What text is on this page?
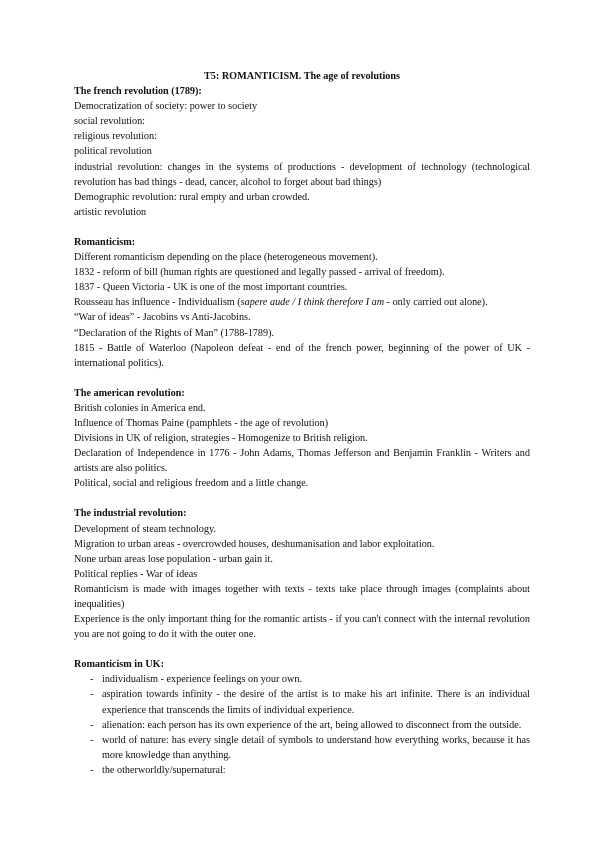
T5: ROMANTICISM. The age of revolutions

The french revolution (1789):

Democratization of society: power to society

social revolution:

religious revolution:

political revolution

industrial revolution: changes in the systems of productions - development of technology (technological revolution has bad things - dead, cancer, alcohol to forget about bad things)

Demographic revolution: rural empty and urban crowded.

artistic revolution

Romanticism:

Different romanticism depending on the place (heterogeneous movement).

1832 - reform of bill (human rights are questioned and legally passed - arrival of freedom).

1837 - Queen Victoria - UK is one of the most important countries.

Rousseau has influence - Individualism (sapere aude / I think therefore I am - only carried out alone).

“War of ideas” - Jacobins vs Anti-Jacobins.

“Declaration of the Rights of Man” (1788-1789).

1815 - Battle of Waterloo (Napoleon defeat - end of the french power, beginning of the power of UK - international politics).

The american revolution:

British colonies in America end.

Influence of Thomas Paine (pamphlets - the age of revolution)

Divisions in UK of religion, strategies - Homogenize to British religion.

Declaration of Independence in 1776 - John Adams, Thomas Jefferson and Benjamin Franklin - Writers and artists are also politics.

Political, social and religious freedom and a little change.

The industrial revolution:

Development of steam technology.

Migration to urban areas - overcrowded houses, deshumanisation and labor exploitation.

None urban areas lose population - urban gain it.

Political replies - War of ideas

Romanticism is made with images together with texts - texts take place through images (complaints about inequalities)

Experience is the only important thing for the romantic artists - if you can't connect with the internal revolution you are not going to do it with the outer one.

Romanticism in UK:

- individualism - experience feelings on your own.
- aspiration towards infinity - the desire of the artist is to make his art infinite. There is an individual experience that transcends the limits of individual experience.
- alienation: each person has its own experience of the art, being allowed to disconnect from the outside.
- world of nature: has every single detail of symbols to understand how everything works, because it has more knowledge than anything.
- the otherworldly/supernatural:
